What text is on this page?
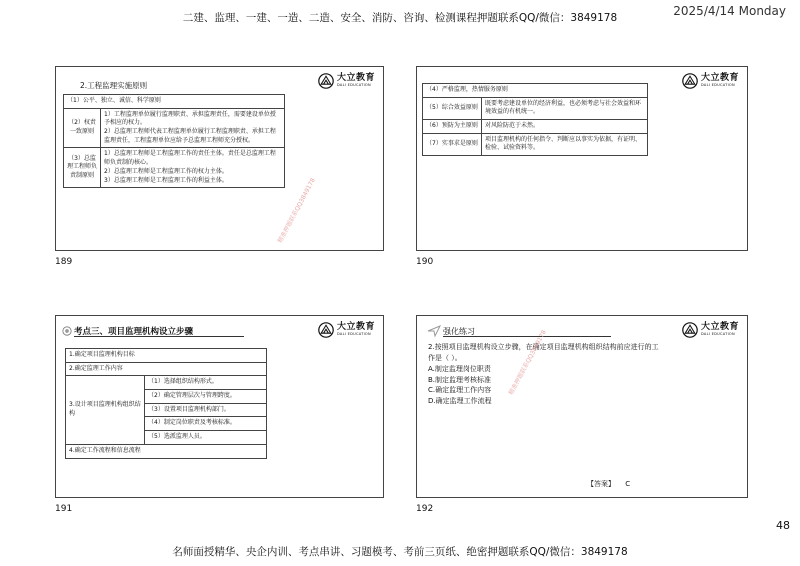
二建、监理、一建、一造、二造、安全、消防、咨询、检测课程押题联系QQ/微信：3849178	2025/4/14 Monday
大立教育
DALI EDUCATION
2.工程监理实施原则
（1）公平、独立、诚信、科学原则	
（2）权责一致原则	1）工程监理单位履行监理职责、承担监理责任，需要建设单位授予相应的权力。
2）总监理工程师代表工程监理单位履行工程监理职责、承担工程监理责任，工程监理单位应给予总监理工程师充分授权。
（3）总监理工程师负责制原则	1）总监理工程师是工程监理工作的责任主体。责任是总监理工程师负责制的核心。
2）总监理工程师是工程监理工作的权力主体。
3）总监理工程师是工程监理工作的利益主体。	精准押题联系QQ3849178
189
大立教育
DALI EDUCATION
（4）严格监理，热情服务原则	
（5）综合效益原则	既要考虑建设单位的经济利益，也必须考虑与社会效益和环境效益的有机统一。
（6）预防为主原则	对风险防范于未然。
（7）实事求是原则	项目监理机构的任何指令、判断应以事实为依据，有证明、检验、试验资料等。
190
大立教育
DALI EDUCATION
考点三、项目监理机构设立步骤
1.确定项目监理机构目标
2.确定监理工作内容
3.设计项目监理机构组织结构	（1）选择组织结构形式。
（2）确定管理层次与管理跨度。
（3）设置项目监理机构部门。
（4）制定岗位职责及考核标准。
（5）选派监理人员。
4.确定工作流程和信息流程
191
大立教育
DALI EDUCATION
强化练习
2.按照项目监理机构设立步骤，在确定项目监理机构组织结构前应进行的工作是（ ）。
A.制定监理岗位职责
B.制定监理考核标准
C.确定监理工作内容
D.确定监理工作流程
精准押题联系QQ3849178
【答案】 C
192
48
名师面授精华、央企内训、考点串讲、习题模考、考前三页纸、绝密押题联系QQ/微信：3849178
